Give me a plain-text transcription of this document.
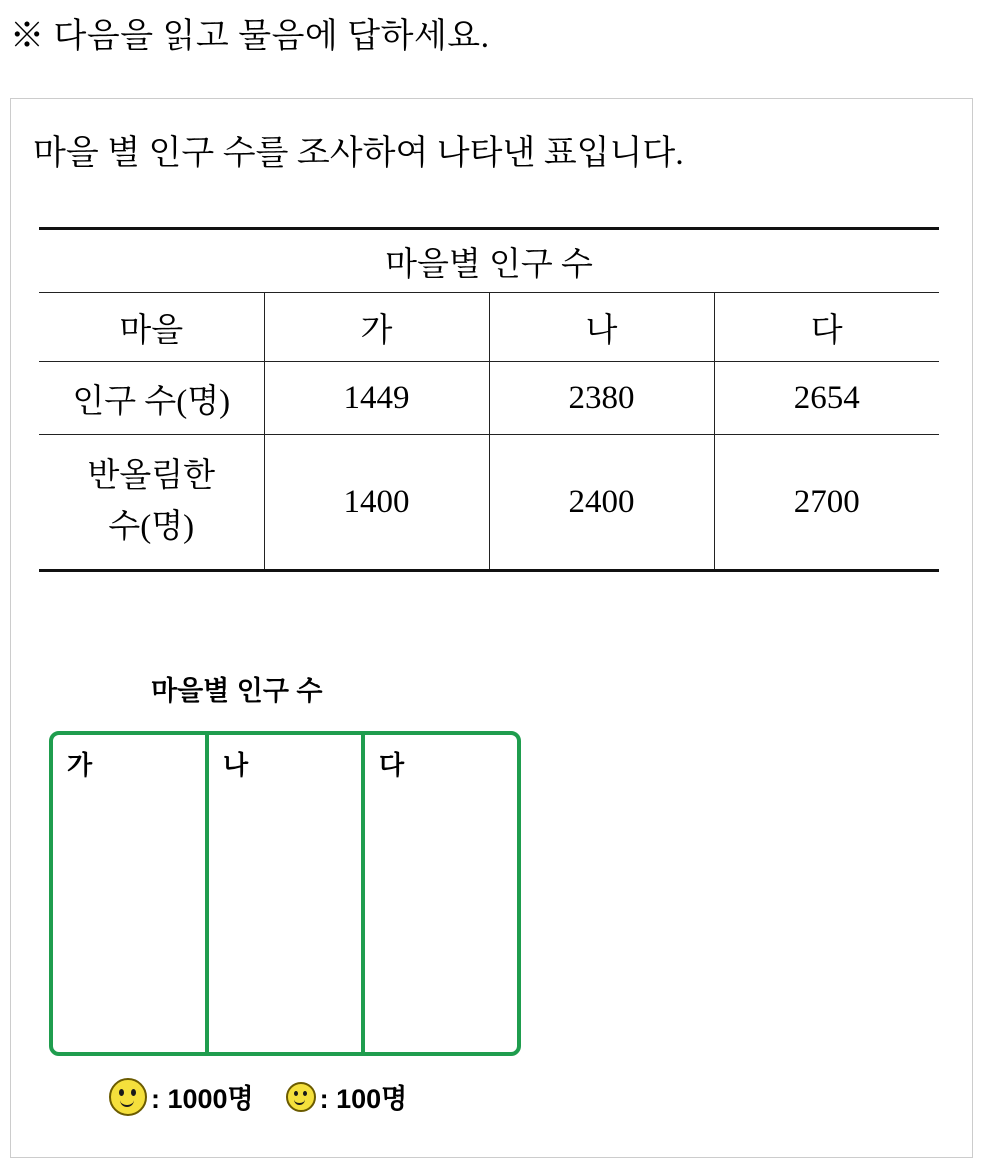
※ 다음을 읽고 물음에 답하세요.
마을 별 인구 수를 조사하여 나타낸 표입니다.
마을별 인구 수			
마을	가	나	다
인구 수(명)	1449	2380	2654

반올림한
수(명)	1400	2400	2700
마을별 인구 수
가	나	다
: 1000명 : 100명
